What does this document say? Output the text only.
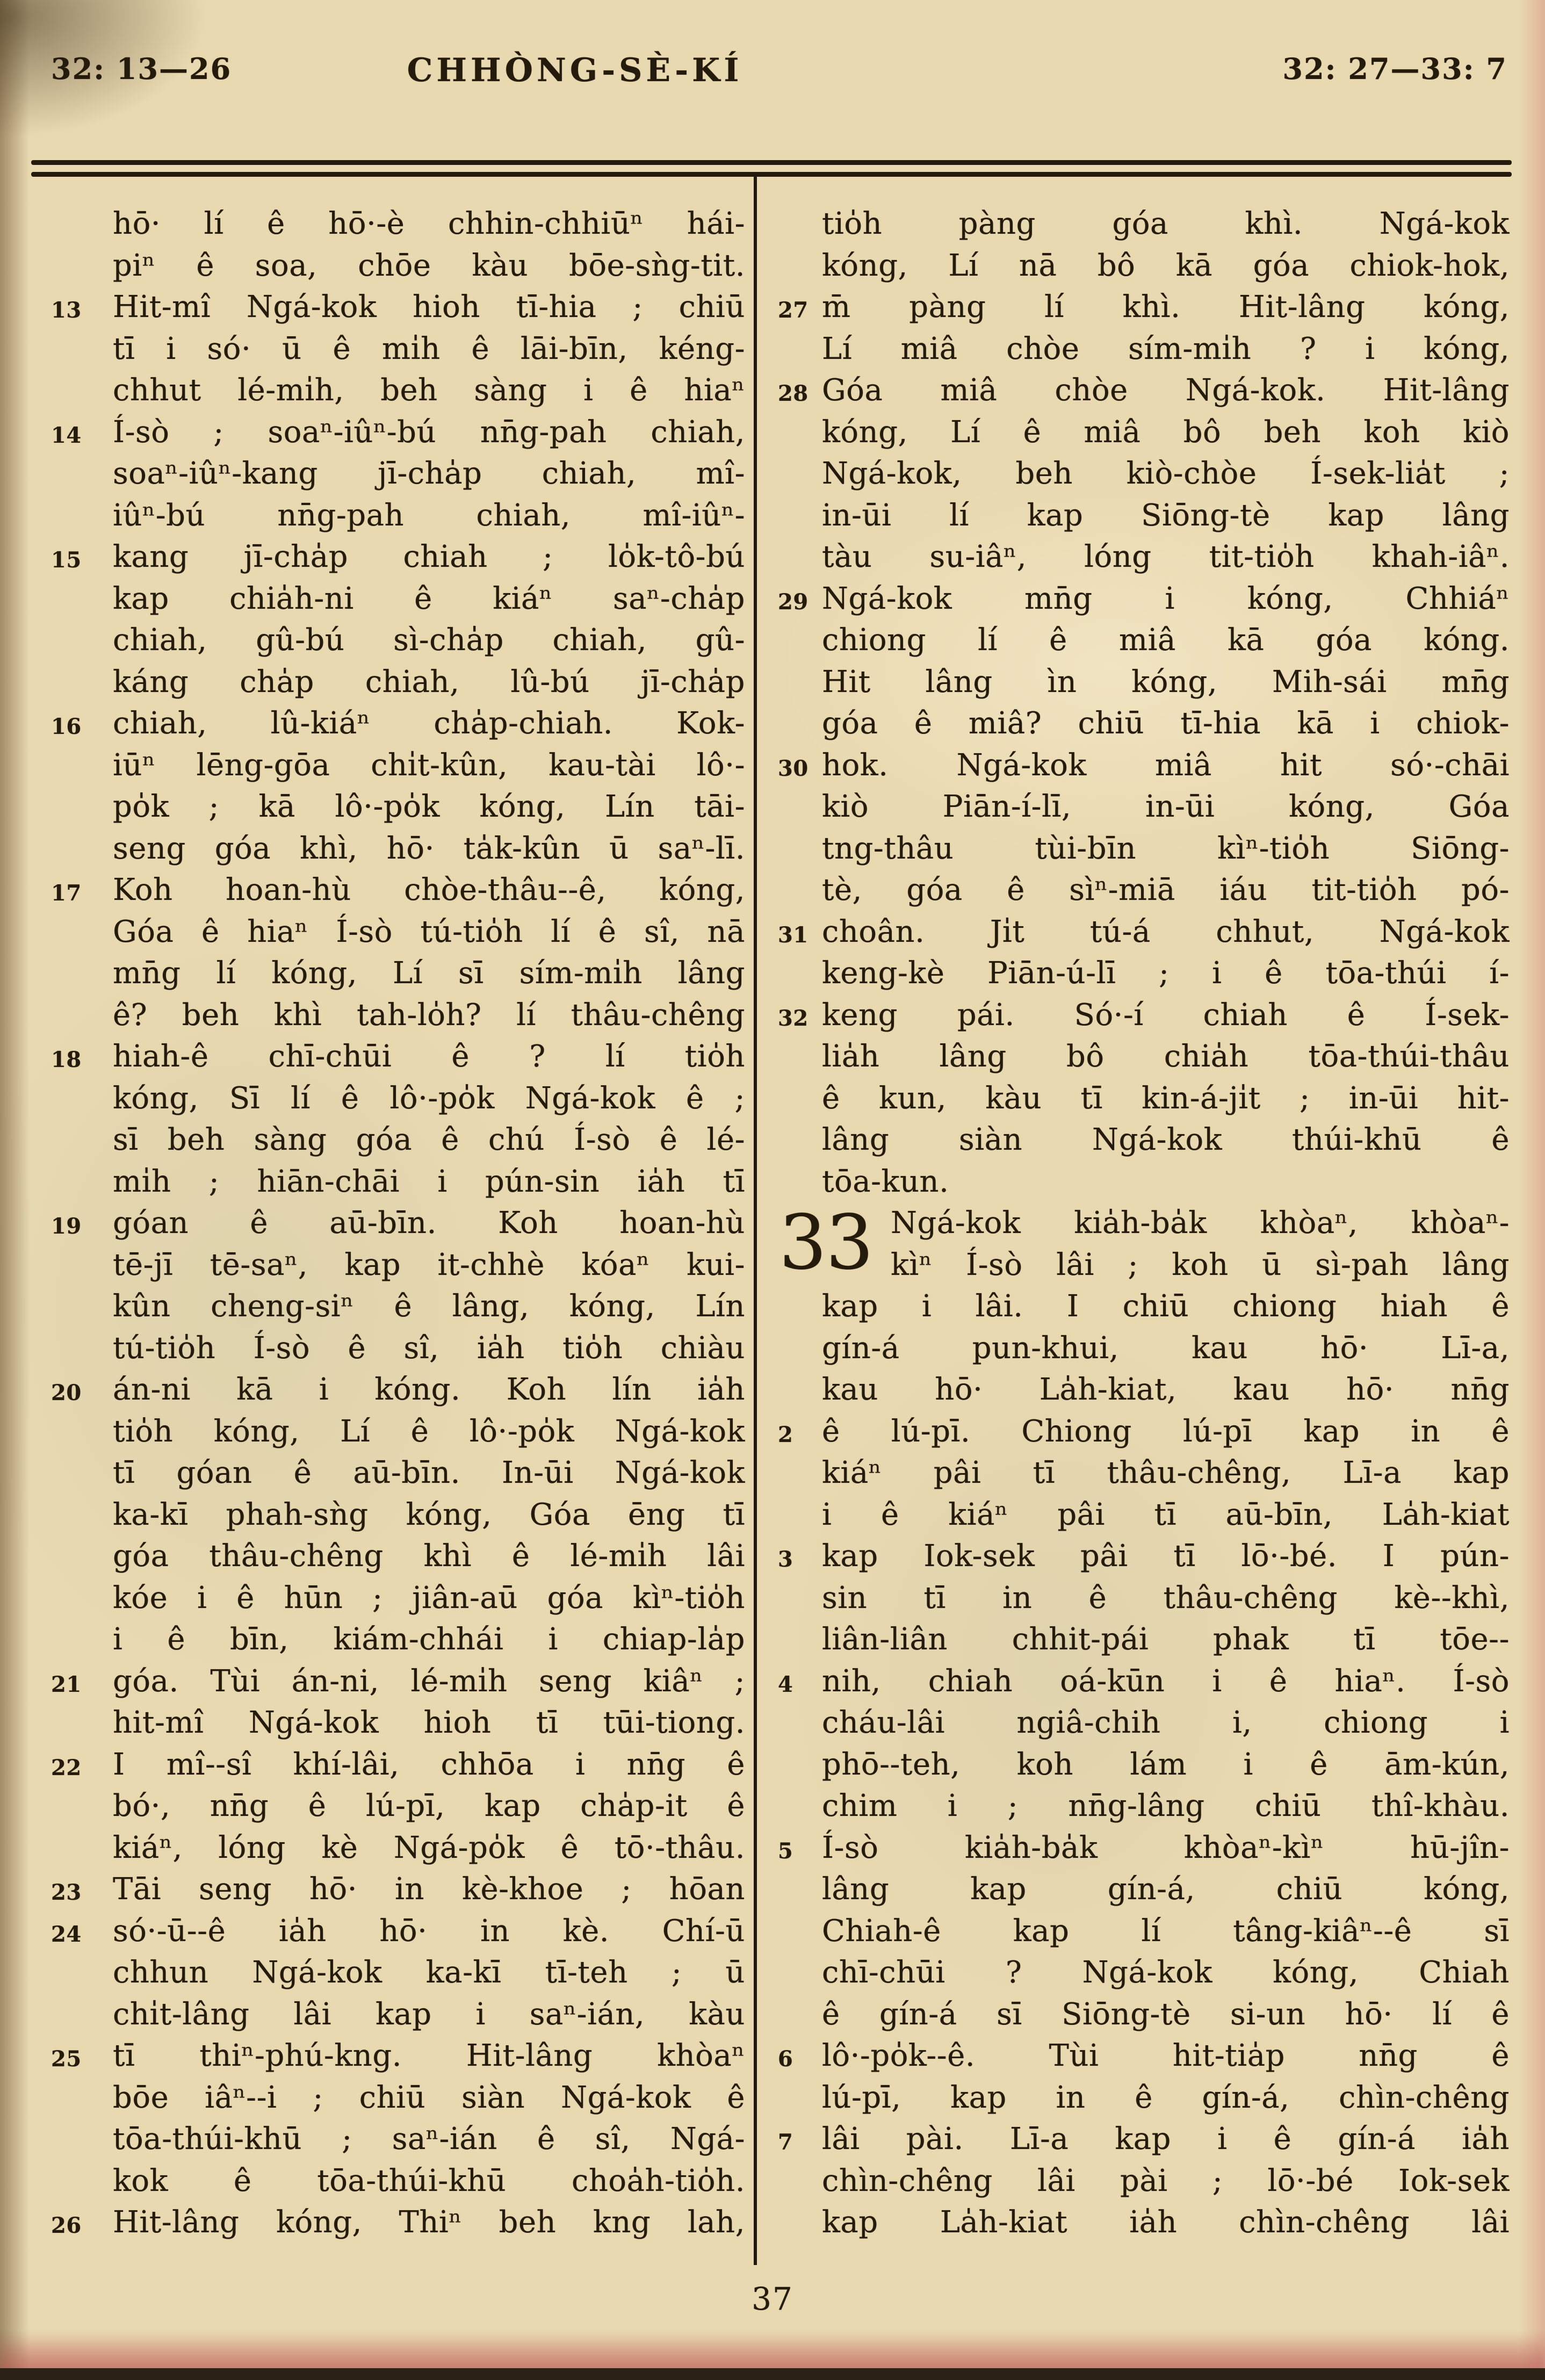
32: 13—26	CHHÒNG-SÈ-KÍ	32: 27—33: 7
hō· lí ê hō·-è chhin-chhiūⁿ hái-
piⁿ ê soa, chōe kàu bōe-sǹg-tit.
13	Hit-mî Ngá-kok hioh tī-hia ; chiū
tī i só· ū ê mi̍h ê lāi-bīn, kéng-
chhut lé-mi̍h, beh sàng i ê hiaⁿ
14	Í-sò ; soaⁿ-iûⁿ-bú nn̄g-pah chiah,
soaⁿ-iûⁿ-kang jī-cha̍p chiah, mî-
iûⁿ-bú nn̄g-pah chiah, mî-iûⁿ-
15	kang jī-cha̍p chiah ; lo̍k-tô-bú
kap chia̍h-ni ê kiáⁿ saⁿ-cha̍p
chiah, gû-bú sì-cha̍p chiah, gû-
káng cha̍p chiah, lû-bú jī-cha̍p
16	chiah, lû-kiáⁿ cha̍p-chiah. Kok-
iūⁿ lēng-gōa chi̍t-kûn, kau-tài lô·-
po̍k ; kā lô·-po̍k kóng, Lín tāi-
seng góa khì, hō· ta̍k-kûn ū saⁿ-lī.
17	Koh hoan-hù chòe-thâu--ê, kóng,
Góa ê hiaⁿ Í-sò tú-tio̍h lí ê sî, nā
mn̄g lí kóng, Lí sī sím-mi̍h lâng
ê? beh khì tah-lo̍h? lí thâu-chêng
18	hiah-ê chī-chūi ê ? lí tio̍h
kóng, Sī lí ê lô·-po̍k Ngá-kok ê ;
sī beh sàng góa ê chú Í-sò ê lé-
mi̍h ; hiān-chāi i pún-sin ia̍h tī
19	góan ê aū-bīn. Koh hoan-hù
tē-jī tē-saⁿ, kap it-chhè kóaⁿ kui-
kûn cheng-siⁿ ê lâng, kóng, Lín
tú-tio̍h Í-sò ê sî, ia̍h tio̍h chiàu
20	án-ni kā i kóng. Koh lín ia̍h
tio̍h kóng, Lí ê lô·-po̍k Ngá-kok
tī góan ê aū-bīn. In-ūi Ngá-kok
ka-kī phah-sǹg kóng, Góa ēng tī
góa thâu-chêng khì ê lé-mi̍h lâi
kóe i ê hūn ; jiân-aū góa kìⁿ-tio̍h
i ê bīn, kiám-chhái i chiap-la̍p
21	góa. Tùi án-ni, lé-mi̍h seng kiâⁿ ;
hit-mî Ngá-kok hioh tī tūi-tiong.
22	I mî--sî khí-lâi, chhōa i nn̄g ê
bó·, nn̄g ê lú-pī, kap cha̍p-it ê
kiáⁿ, lóng kè Ngá-po̍k ê tō·-thâu.
23	Tāi seng hō· in kè-khoe ; hōan
24	só·-ū--ê ia̍h hō· in kè. Chí-ū
chhun Ngá-kok ka-kī tī-teh ; ū
chi̍t-lâng lâi kap i saⁿ-ián, kàu
25	tī thiⁿ-phú-kng. Hit-lâng khòaⁿ
bōe iâⁿ--i ; chiū siàn Ngá-kok ê
tōa-thúi-khū ; saⁿ-ián ê sî, Ngá-
kok ê tōa-thúi-khū choa̍h-tio̍h.
26	Hit-lâng kóng, Thiⁿ beh kng lah,
tio̍h pàng góa khì. Ngá-kok
kóng, Lí nā bô kā góa chiok-hok,
27 m̄ pàng lí khì. Hit-lâng kóng,
Lí miâ chòe sím-mi̍h ? i kóng,
28 Góa miâ chòe Ngá-kok. Hit-lâng
kóng, Lí ê miâ bô beh koh kiò
Ngá-kok, beh kiò-chòe Í-sek-lia̍t ;
in-ūi lí kap Siōng-tè kap lâng
tàu su-iâⁿ, lóng tit-tio̍h khah-iâⁿ.
29 Ngá-kok mn̄g i kóng, Chhiáⁿ
chiong lí ê miâ kā góa kóng.
Hit lâng ìn kóng, Mih-sái mn̄g
góa ê miâ? chiū tī-hia kā i chiok-
30 hok. Ngá-kok miâ hit só·-chāi
kiò Piān-í-lī, in-ūi kóng, Góa
tng-thâu tùi-bīn kìⁿ-tio̍h Siōng-
tè, góa ê sìⁿ-miā iáu tit-tio̍h pó-
31 choân. Ji̍t tú-á chhut, Ngá-kok
keng-kè Piān-ú-lī ; i ê tōa-thúi í-
32 keng pái. Só·-í chiah ê Í-sek-
lia̍h lâng bô chia̍h tōa-thúi-thâu
ê kun, kàu tī kin-á-ji̍t ; in-ūi hit-
lâng siàn Ngá-kok thúi-khū ê
tōa-kun.
33 Ngá-kok kia̍h-ba̍k khòaⁿ, khòaⁿ-
kìⁿ Í-sò lâi ; koh ū sì-pah lâng
kap i lâi. I chiū chiong hiah ê
gín-á pun-khui, kau hō· Lī-a,
kau hō· La̍h-kiat, kau hō· nn̄g
2 ê lú-pī. Chiong lú-pī kap in ê
kiáⁿ pâi tī thâu-chêng, Lī-a kap
i ê kiáⁿ pâi tī aū-bīn, La̍h-kiat
3 kap Iok-sek pâi tī lō·-bé. I pún-
sin tī in ê thâu-chêng kè--khì,
liân-liân chhit-pái phak tī tōe--
4 nih, chiah oá-kūn i ê hiaⁿ. Í-sò
cháu-lâi ngiâ-chih i, chiong i
phō--teh, koh lám i ê ām-kún,
chim i ; nn̄g-lâng chiū thî-khàu.
5 Í-sò kia̍h-ba̍k khòaⁿ-kìⁿ hū-jîn-
lâng kap gín-á, chiū kóng,
Chiah-ê kap lí tâng-kiâⁿ--ê sī
chī-chūi ? Ngá-kok kóng, Chiah
ê gín-á sī Siōng-tè si-un hō· lí ê
6 lô·-po̍k--ê. Tùi hit-tia̍p nn̄g ê
lú-pī, kap in ê gín-á, chìn-chêng
7 lâi pài. Lī-a kap i ê gín-á ia̍h
chìn-chêng lâi pài ; lō·-bé Iok-sek
kap La̍h-kiat ia̍h chìn-chêng lâi
37
